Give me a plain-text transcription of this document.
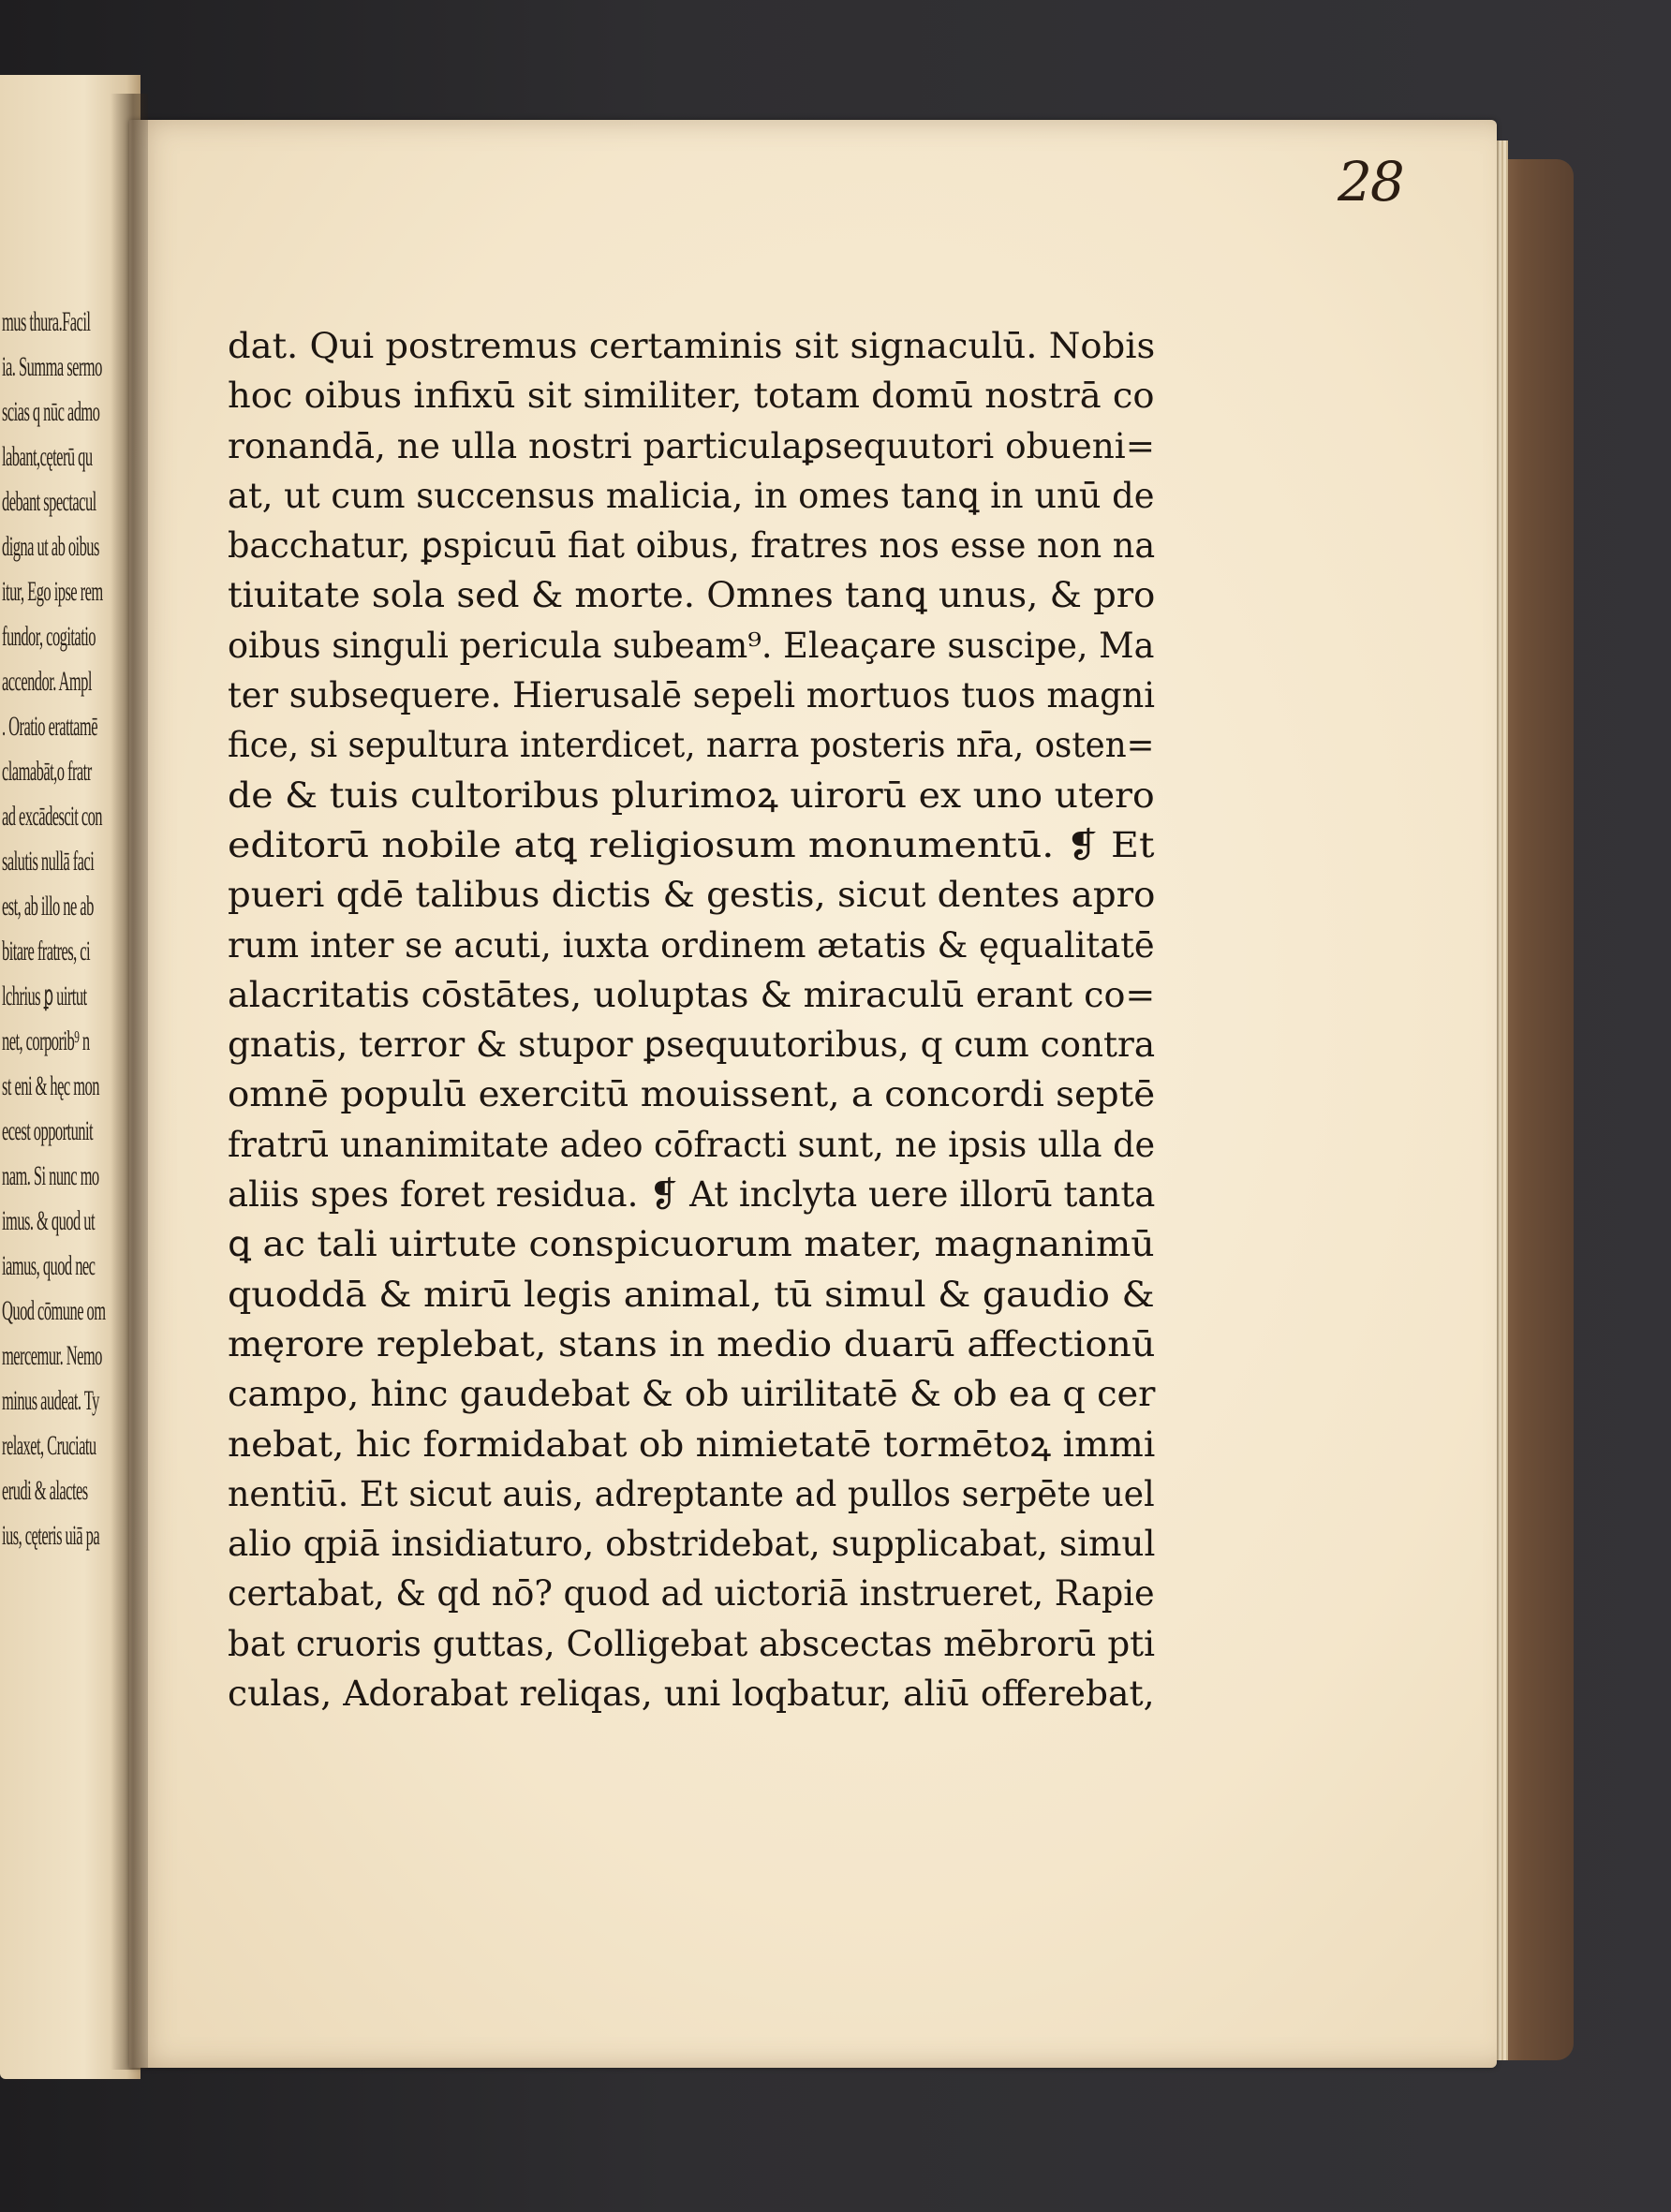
mus thura.Facil
ia. Summa sermo
scias q nūc admo
labant,cęterū qu
debant spectacul
digna ut ab oibus
itur, Ego ipse rem
fundor, cogitatio
accendor. Ampl
. Oratio erattamē
clamabāt,o fratr
ad excādescit con
salutis nullā faci
est, ab illo ne ab
bitare fratres, ci
lchrius ꝑ uirtut
net, corporib⁹ n
st eni & hęc mon
ecest opportunit
nam. Si nunc mo
imus. & quod ut
iamus, quod nec
Quod cōmune om
mercemur. Nemo
minus audeat. Ty
relaxet, Cruciatu
erudi & alactes
ius, cęteris uiā pa
28
dat. Qui postremus certaminis sit signaculū. Nobis
hoc oibus infixū sit similiter, totam domū nostrā co
ronandā, ne ulla nostri particulaꝑsequutori obueni=
at, ut cum succensus malicia, in omes tanꝗ in unū de
bacchatur, ꝑspicuū fiat oibus, fratres nos esse non na
tiuitate sola sed & morte. Omnes tanꝗ unus, & pro
oibus singuli pericula subeam⁹. Eleaçare suscipe, Ma
ter subsequere. Hierusalē sepeli mortuos tuos magni
fice, si sepultura interdicet, narra posteris nr̄a, osten=
de & tuis cultoribus plurimoꝝ uirorū ex uno utero
editorū nobile atꝗ religiosum monumentū. ❡ Et
pueri qdē talibus dictis & gestis, sicut dentes apro
rum inter se acuti, iuxta ordinem ætatis & ęqualitatē
alacritatis cōstātes, uoluptas & miraculū erant co=
gnatis, terror & stupor ꝑsequutoribus, q cum contra
omnē populū exercitū mouissent, a concordi septē
fratrū unanimitate adeo cōfracti sunt, ne ipsis ulla de
aliis spes foret residua. ❡ At inclyta uere illorū tanta
ꝗ ac tali uirtute conspicuorum mater, magnanimū
quoddā & mirū legis animal, tū simul & gaudio &
męrore replebat, stans in medio duarū affectionū
campo, hinc gaudebat & ob uirilitatē & ob ea q cer
nebat, hic formidabat ob nimietatē tormētoꝝ immi
nentiū. Et sicut auis, adreptante ad pullos serpēte uel
alio qpiā insidiaturo, obstridebat, supplicabat, simul
certabat, & qd nō? quod ad uictoriā instrueret, Rapie
bat cruoris guttas, Colligebat abscectas mēbrorū pti
culas, Adorabat reliqas, uni loqbatur, aliū offerebat,
